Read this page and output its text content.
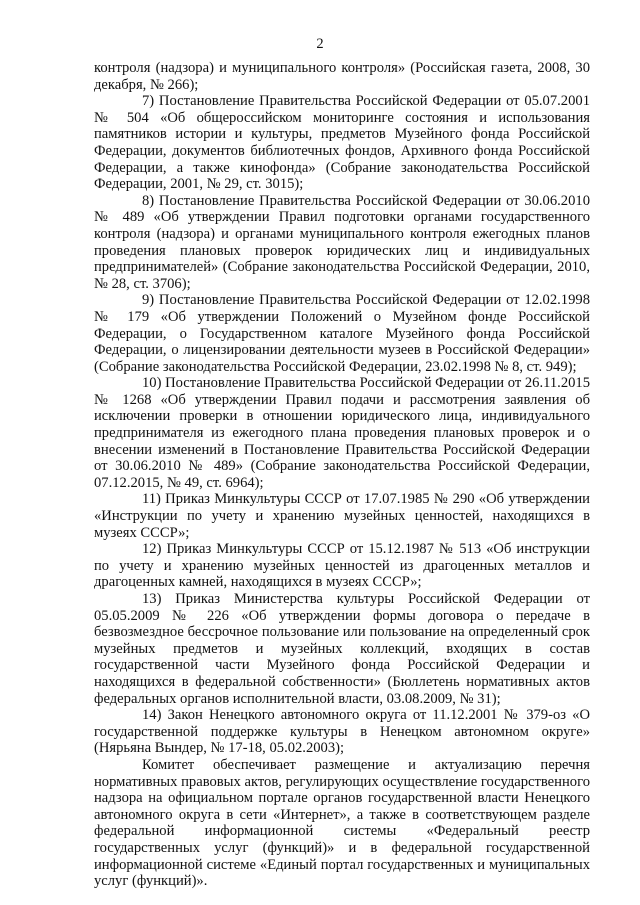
2

контроля (надзора) и муниципального контроля» (Российская газета, 2008, 30 декабря, № 266);

7) Постановление Правительства Российской Федерации от 05.07.2001 № 504 «Об общероссийском мониторинге состояния и использования памятников истории и культуры, предметов Музейного фонда Российской Федерации, документов библиотечных фондов, Архивного фонда Российской Федерации, а также кинофонда» (Собрание законодательства Российской Федерации, 2001, № 29, ст. 3015);

8) Постановление Правительства Российской Федерации от 30.06.2010 № 489 «Об утверждении Правил подготовки органами государственного контроля (надзора) и органами муниципального контроля ежегодных планов проведения плановых проверок юридических лиц и индивидуальных предпринимателей» (Собрание законодательства Российской Федерации, 2010, № 28, ст. 3706);

9) Постановление Правительства Российской Федерации от 12.02.1998 № 179 «Об утверждении Положений о Музейном фонде Российской Федерации, о Государственном каталоге Музейного фонда Российской Федерации, о лицензировании деятельности музеев в Российской Федерации» (Собрание законодательства Российской Федерации, 23.02.1998 № 8, ст. 949);

10) Постановление Правительства Российской Федерации от 26.11.2015 № 1268 «Об утверждении Правил подачи и рассмотрения заявления об исключении проверки в отношении юридического лица, индивидуального предпринимателя из ежегодного плана проведения плановых проверок и о внесении изменений в Постановление Правительства Российской Федерации от 30.06.2010 № 489» (Собрание законодательства Российской Федерации, 07.12.2015, № 49, ст. 6964);

11) Приказ Минкультуры СССР от 17.07.1985 № 290 «Об утверждении «Инструкции по учету и хранению музейных ценностей, находящихся в музеях СССР»;

12) Приказ Минкультуры СССР от 15.12.1987 № 513 «Об инструкции по учету и хранению музейных ценностей из драгоценных металлов и драгоценных камней, находящихся в музеях СССР»;

13) Приказ Министерства культуры Российской Федерации от 05.05.2009 № 226 «Об утверждении формы договора о передаче в безвозмездное бессрочное пользование или пользование на определенный срок музейных предметов и музейных коллекций, входящих в состав государственной части Музейного фонда Российской Федерации и находящихся в федеральной собственности» (Бюллетень нормативных актов федеральных органов исполнительной власти, 03.08.2009, № 31);

14) Закон Ненецкого автономного округа от 11.12.2001 № 379-оз «О государственной поддержке культуры в Ненецком автономном округе» (Нярьяна Вындер, № 17-18, 05.02.2003);

Комитет обеспечивает размещение и актуализацию перечня нормативных правовых актов, регулирующих осуществление государственного надзора на официальном портале органов государственной власти Ненецкого автономного округа в сети «Интернет», а также в соответствующем разделе федеральной информационной системы «Федеральный реестр государственных услуг (функций)» и в федеральной государственной информационной системе «Единый портал государственных и муниципальных услуг (функций)».
